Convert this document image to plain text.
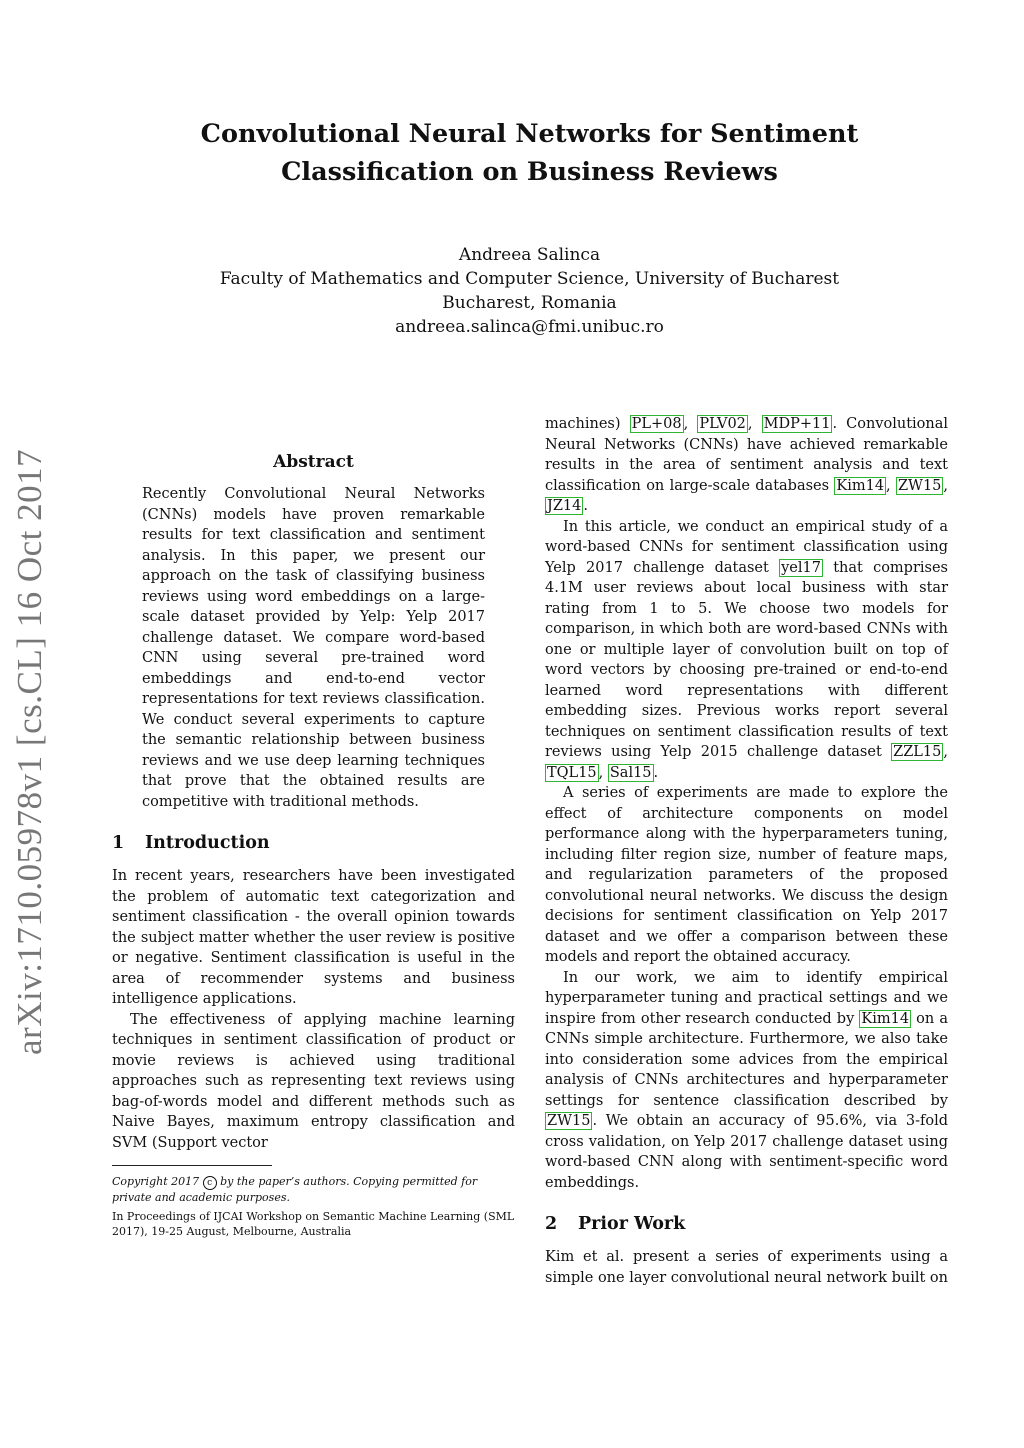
arXiv:1710.05978v1 [cs.CL] 16 Oct 2017
Convolutional Neural Networks for Sentiment
Classification on Business Reviews
Andreea Salinca
Faculty of Mathematics and Computer Science, University of Bucharest
Bucharest, Romania
andreea.salinca@fmi.unibuc.ro
Abstract

Recently Convolutional Neural Networks (CNNs) models have proven remarkable results for text classification and sentiment analysis. In this paper, we present our approach on the task of classifying business reviews using word embeddings on a large-scale dataset provided by Yelp: Yelp 2017 challenge dataset. We compare word-based CNN using several pre-trained word embeddings and end-to-end vector representations for text reviews classification. We conduct several experiments to capture the semantic relationship between business reviews and we use deep learning techniques that prove that the obtained results are competitive with traditional methods.

1 Introduction

In recent years, researchers have been investigated the problem of automatic text categorization and sentiment classification - the overall opinion towards the subject matter whether the user review is positive or negative. Sentiment classification is useful in the area of recommender systems and business intelligence applications.

The effectiveness of applying machine learning techniques in sentiment classification of product or movie reviews is achieved using traditional approaches such as representing text reviews using bag-of-words model and different methods such as Naive Bayes, maximum entropy classification and SVM (Support vector

Copyright 2017 c by the paper’s authors. Copying permitted for private and academic purposes.

In Proceedings of IJCAI Workshop on Semantic Machine Learning (SML 2017), 19-25 August, Melbourne, Australia

machines) PL+08 , PLV02 , MDP+11 . Convolutional Neural Networks (CNNs) have achieved remarkable results in the area of sentiment analysis and text classification on large-scale databases Kim14 , ZW15 , JZ14 .

In this article, we conduct an empirical study of a word-based CNNs for sentiment classification using Yelp 2017 challenge dataset yel17 that comprises 4.1M user reviews about local business with star rating from 1 to 5. We choose two models for comparison, in which both are word-based CNNs with one or multiple layer of convolution built on top of word vectors by choosing pre-trained or end-to-end learned word representations with different embedding sizes. Previous works report several techniques on sentiment classification results of text reviews using Yelp 2015 challenge dataset ZZL15 , TQL15 , Sal15 .

A series of experiments are made to explore the effect of architecture components on model performance along with the hyperparameters tuning, including filter region size, number of feature maps, and regularization parameters of the proposed convolutional neural networks. We discuss the design decisions for sentiment classification on Yelp 2017 dataset and we offer a comparison between these models and report the obtained accuracy.

In our work, we aim to identify empirical hyperparameter tuning and practical settings and we inspire from other research conducted by Kim14 on a CNNs simple architecture. Furthermore, we also take into consideration some advices from the empirical analysis of CNNs architectures and hyperparameter settings for sentence classification described by ZW15 . We obtain an accuracy of 95.6%, via 3-fold cross validation, on Yelp 2017 challenge dataset using word-based CNN along with sentiment-specific word embeddings.

2 Prior Work

Kim et al. present a series of experiments using a simple one layer convolutional neural network built on
